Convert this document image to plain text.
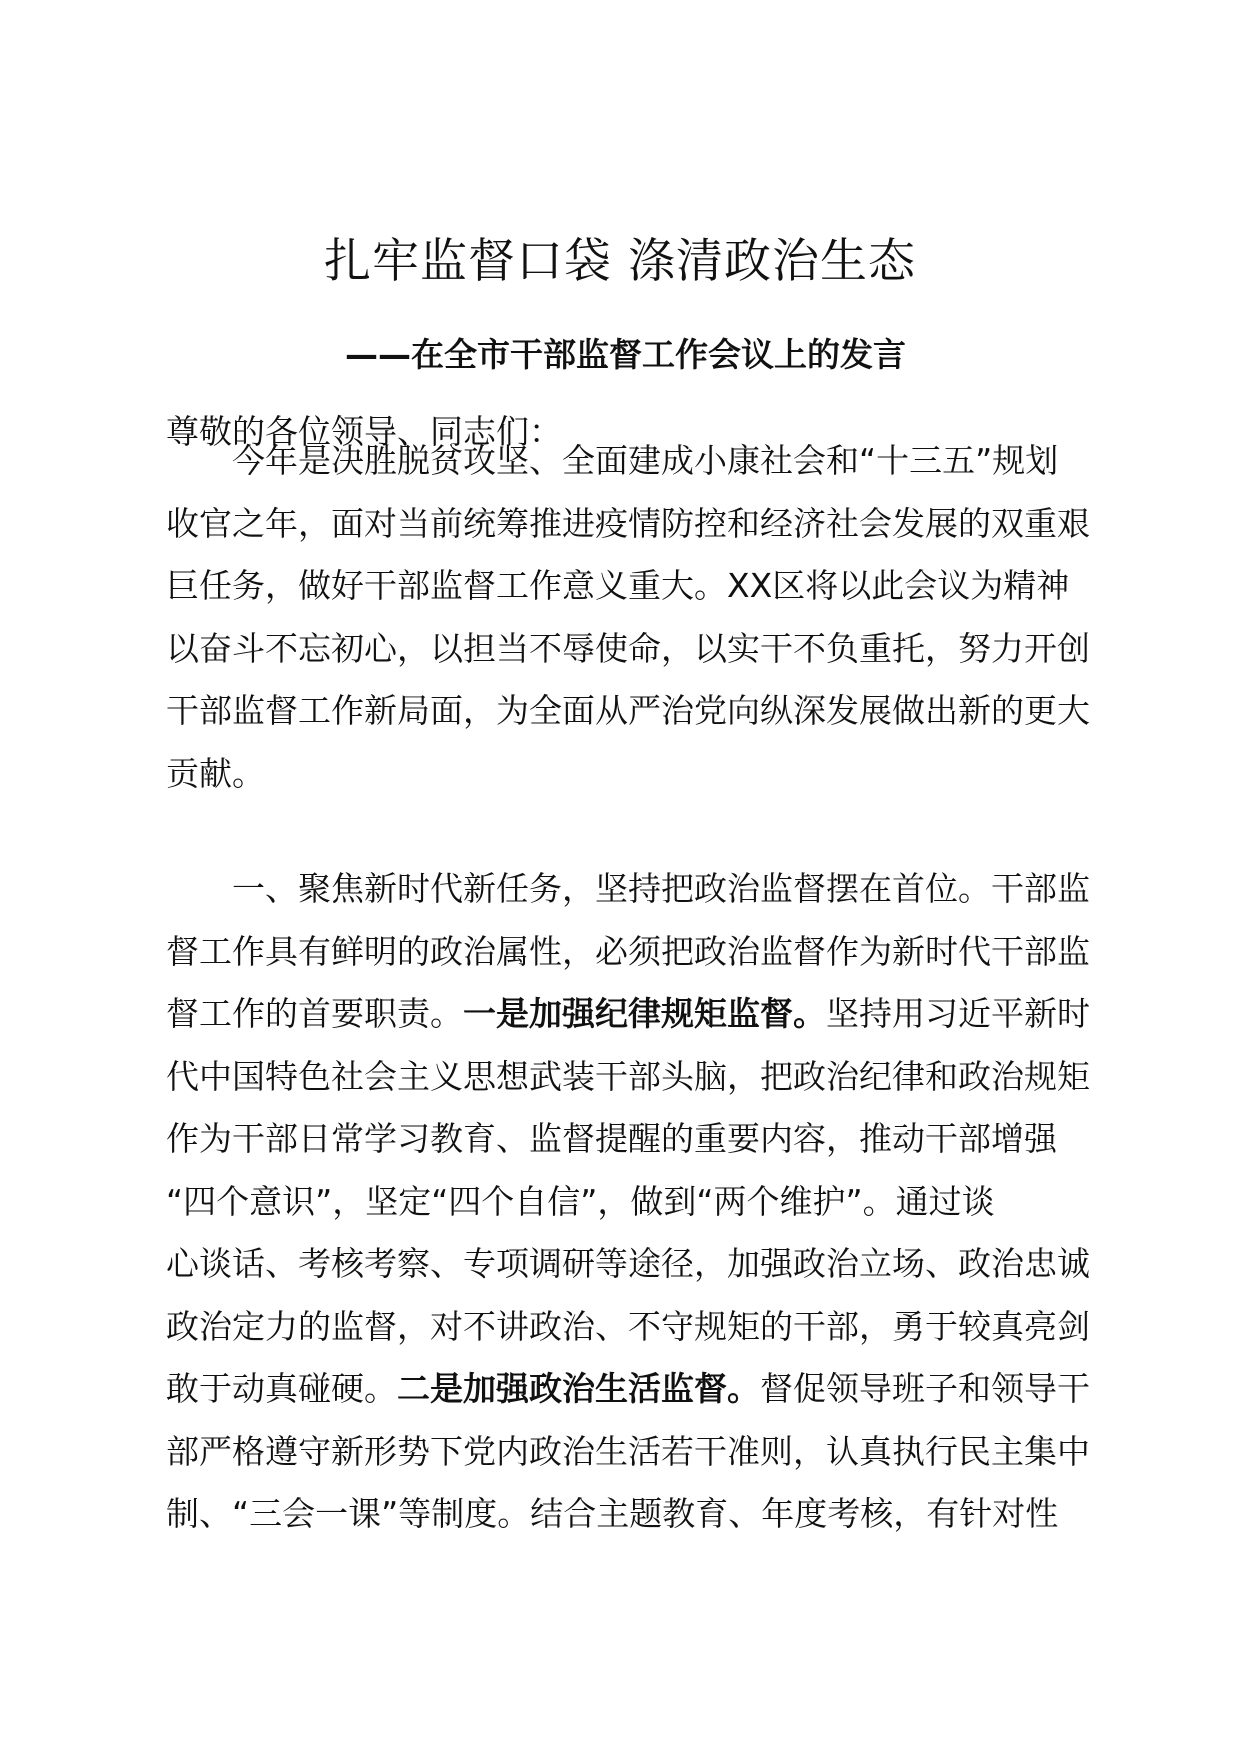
扎牢监督口袋 涤清政治生态
——在全市干部监督工作会议上的发言
尊敬的各位领导、同志们：
　　今年是决胜脱贫攻坚、全面建成小康社会和“十三五”规划
收官之年，面对当前统筹推进疫情防控和经济社会发展的双重艰
巨任务，做好干部监督工作意义重大。XX区将以此会议为精神
以奋斗不忘初心，以担当不辱使命，以实干不负重托，努力开创
干部监督工作新局面，为全面从严治党向纵深发展做出新的更大
贡献。
　　一、聚焦新时代新任务，坚持把政治监督摆在首位。干部监
督工作具有鲜明的政治属性，必须把政治监督作为新时代干部监
督工作的首要职责。一是加强纪律规矩监督。坚持用习近平新时
代中国特色社会主义思想武装干部头脑，把政治纪律和政治规矩
作为干部日常学习教育、监督提醒的重要内容，推动干部增强
“四个意识”，坚定“四个自信”，做到“两个维护”。通过谈
心谈话、考核考察、专项调研等途径，加强政治立场、政治忠诚
政治定力的监督，对不讲政治、不守规矩的干部，勇于较真亮剑
敢于动真碰硬。二是加强政治生活监督。督促领导班子和领导干
部严格遵守新形势下党内政治生活若干准则，认真执行民主集中
制、“三会一课”等制度。结合主题教育、年度考核，有针对性
